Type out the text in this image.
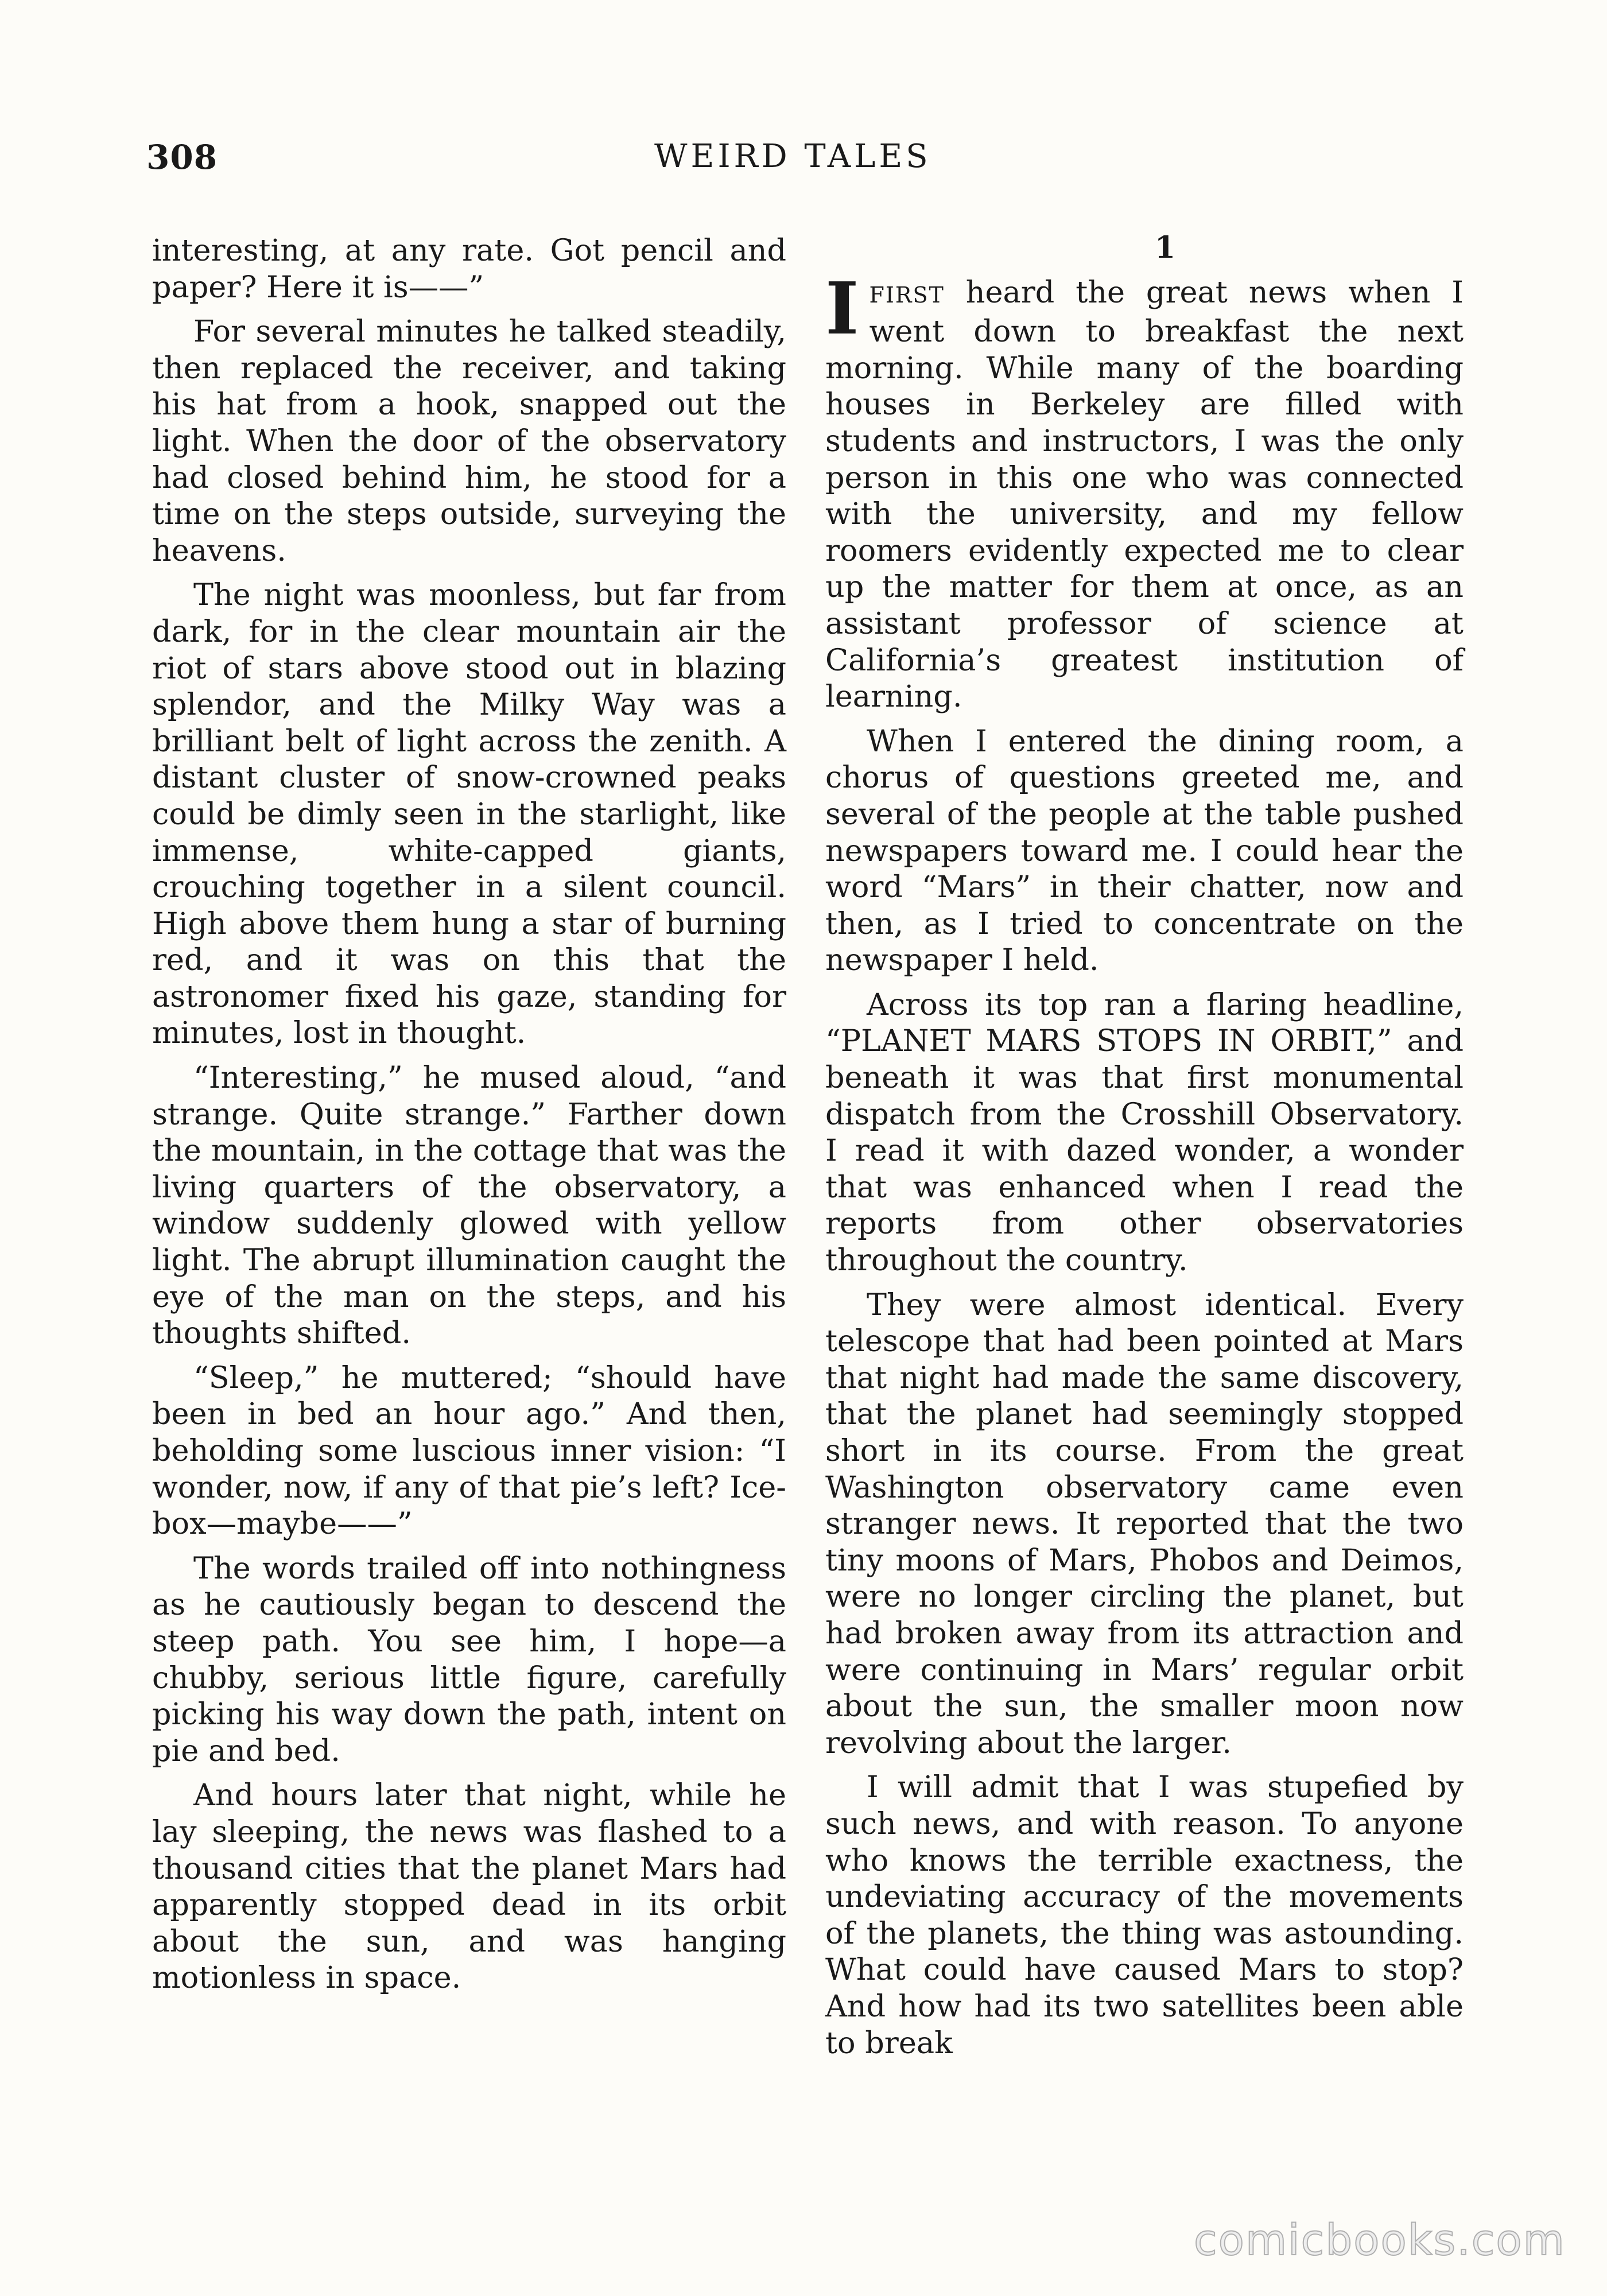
308	WEIRD TALES

interesting, at any rate. Got pencil and paper? Here it is——”

For several minutes he talked steadily, then replaced the receiver, and taking his hat from a hook, snapped out the light. When the door of the observatory had closed behind him, he stood for a time on the steps outside, surveying the heavens.

The night was moonless, but far from dark, for in the clear mountain air the riot of stars above stood out in blazing splendor, and the Milky Way was a brilliant belt of light across the zenith. A distant cluster of snow-crowned peaks could be dimly seen in the starlight, like immense, white-capped giants, crouching together in a silent council. High above them hung a star of burning red, and it was on this that the astronomer fixed his gaze, standing for minutes, lost in thought.

“Interesting,” he mused aloud, “and strange. Quite strange.” Farther down the mountain, in the cottage that was the living quarters of the observatory, a window suddenly glowed with yellow light. The abrupt illumination caught the eye of the man on the steps, and his thoughts shifted.

“Sleep,” he muttered; “should have been in bed an hour ago.” And then, beholding some luscious inner vision: “I wonder, now, if any of that pie’s left? Ice-box—maybe——”

The words trailed off into nothingness as he cautiously began to descend the steep path. You see him, I hope—a chubby, serious little figure, carefully picking his way down the path, intent on pie and bed.

And hours later that night, while he lay sleeping, the news was flashed to a thousand cities that the planet Mars had apparently stopped dead in its orbit about the sun, and was hanging motionless in space.

1

IFIRST heard the great news when I went down to breakfast the next morning. While many of the boarding houses in Berkeley are filled with students and instructors, I was the only person in this one who was connected with the university, and my fellow roomers evidently expected me to clear up the matter for them at once, as an assistant professor of science at California’s greatest institution of learning.

When I entered the dining room, a chorus of questions greeted me, and several of the people at the table pushed newspapers toward me. I could hear the word “Mars” in their chatter, now and then, as I tried to concentrate on the newspaper I held.

Across its top ran a flaring headline, “PLANET MARS STOPS IN ORBIT,” and beneath it was that first monumental dispatch from the Crosshill Observatory. I read it with dazed wonder, a wonder that was enhanced when I read the reports from other observatories throughout the country.

They were almost identical. Every telescope that had been pointed at Mars that night had made the same discovery, that the planet had seemingly stopped short in its course. From the great Washington observatory came even stranger news. It reported that the two tiny moons of Mars, Phobos and Deimos, were no longer circling the planet, but had broken away from its attraction and were continuing in Mars’ regular orbit about the sun, the smaller moon now revolving about the larger.

I will admit that I was stupefied by such news, and with reason. To anyone who knows the terrible exactness, the undeviating accuracy of the movements of the planets, the thing was astounding. What could have caused Mars to stop? And how had its two satellites been able to break

comicbooks.com
